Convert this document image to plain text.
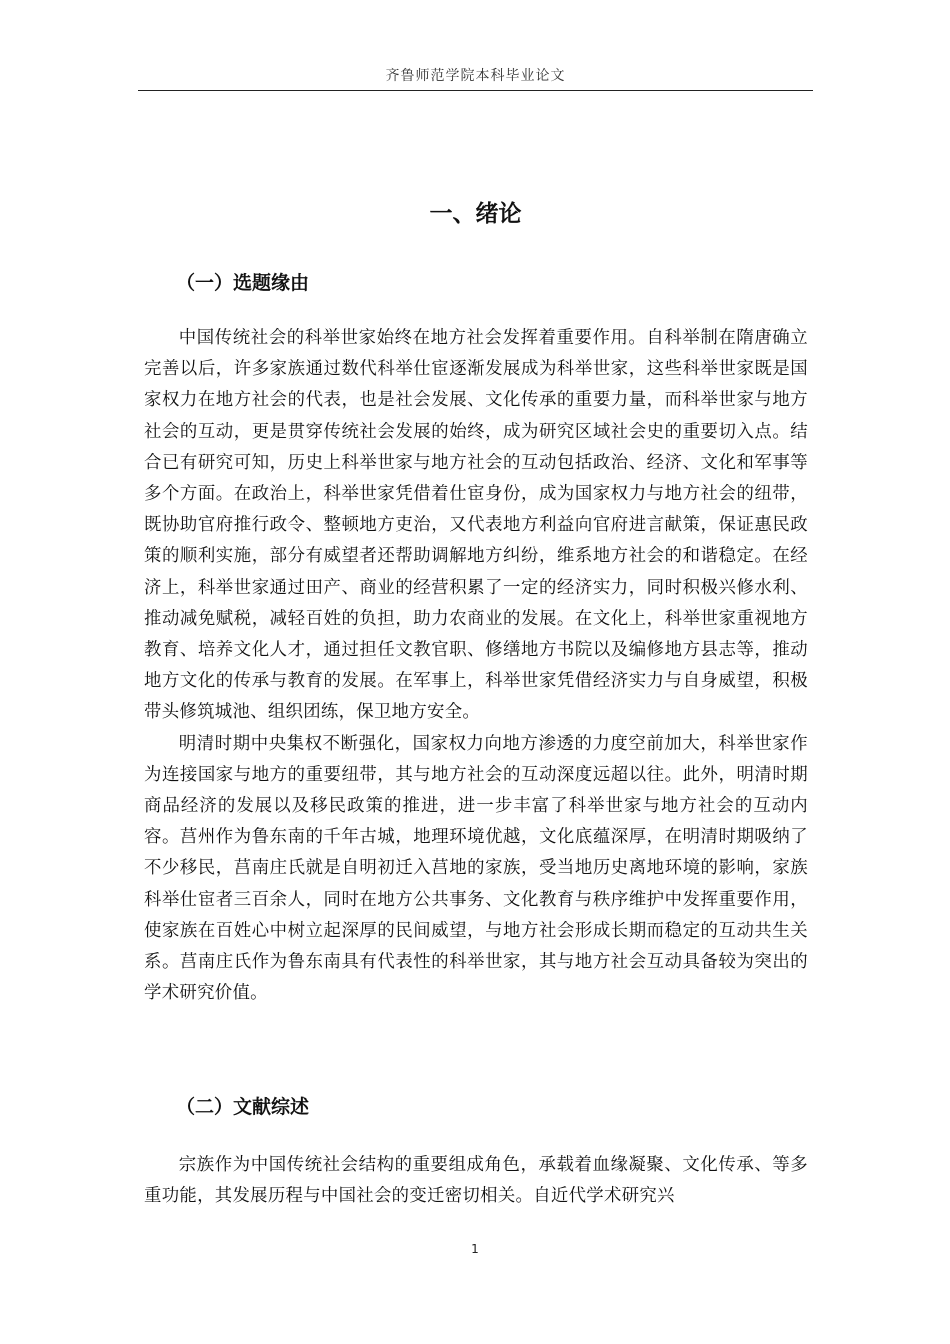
齐鲁师范学院本科毕业论文
一、绪论
（一）选题缘由

中国传统社会的科举世家始终在地方社会发挥着重要作用。自科举制在隋唐确立完善以后，许多家族通过数代科举仕宦逐渐发展成为科举世家，这些科举世家既是国家权力在地方社会的代表，也是社会发展、文化传承的重要力量，而科举世家与地方社会的互动，更是贯穿传统社会发展的始终，成为研究区域社会史的重要切入点。结合已有研究可知，历史上科举世家与地方社会的互动包括政治、经济、文化和军事等多个方面。在政治上，科举世家凭借着仕宦身份，成为国家权力与地方社会的纽带，既协助官府推行政令、整顿地方吏治，又代表地方利益向官府进言献策，保证惠民政策的顺利实施，部分有威望者还帮助调解地方纠纷，维系地方社会的和谐稳定。在经济上，科举世家通过田产、商业的经营积累了一定的经济实力，同时积极兴修水利、推动减免赋税，减轻百姓的负担，助力农商业的发展。在文化上，科举世家重视地方教育、培养文化人才，通过担任文教官职、修缮地方书院以及编修地方县志等，推动地方文化的传承与教育的发展。在军事上，科举世家凭借经济实力与自身威望，积极带头修筑城池、组织团练，保卫地方安全。

明清时期中央集权不断强化，国家权力向地方渗透的力度空前加大，科举世家作为连接国家与地方的重要纽带，其与地方社会的互动深度远超以往。此外，明清时期商品经济的发展以及移民政策的推进，进一步丰富了科举世家与地方社会的互动内容。莒州作为鲁东南的千年古城，地理环境优越，文化底蕴深厚，在明清时期吸纳了不少移民，莒南庄氏就是自明初迁入莒地的家族，受当地历史离地环境的影响，家族科举仕宦者三百余人，同时在地方公共事务、文化教育与秩序维护中发挥重要作用，使家族在百姓心中树立起深厚的民间威望，与地方社会形成长期而稳定的互动共生关系。莒南庄氏作为鲁东南具有代表性的科举世家，其与地方社会互动具备较为突出的学术研究价值。

（二）文献综述

宗族作为中国传统社会结构的重要组成角色，承载着血缘凝聚、文化传承、等多重功能，其发展历程与中国社会的变迁密切相关。自近代学术研究兴

1
